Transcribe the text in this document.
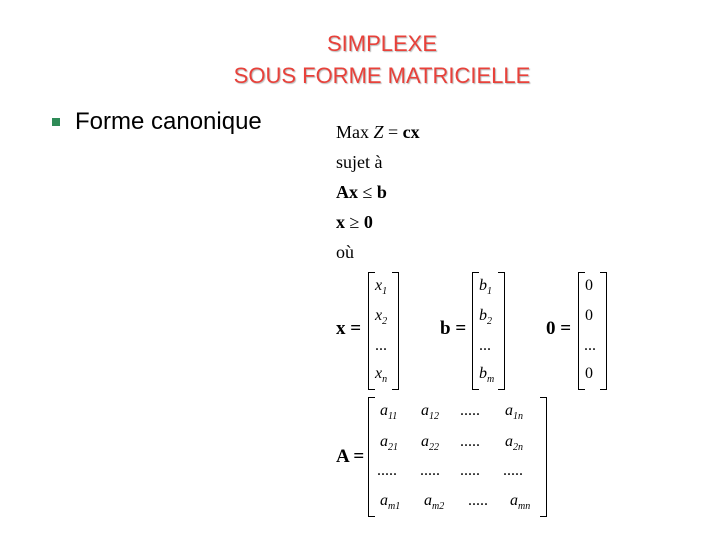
SIMPLEXE
SOUS FORME MATRICIELLE
Forme canonique	Max Z = cx
sujet à
Ax ≤ b
x ≥ 0
où
x =
$x_1$
$x_2$
...
$x_n$
b =
$b_1$
$b_2$
...
$b_m$
0 =
0
0
...
0
A =
$a_{11}$ $a_{12}$ ..... $a_{1n}$
$a_{21}$ $a_{22}$ ..... $a_{2n}$
..... ..... ..... .....
$a_{m1}$ $a_{m2}$ ..... $a_{mn}$
